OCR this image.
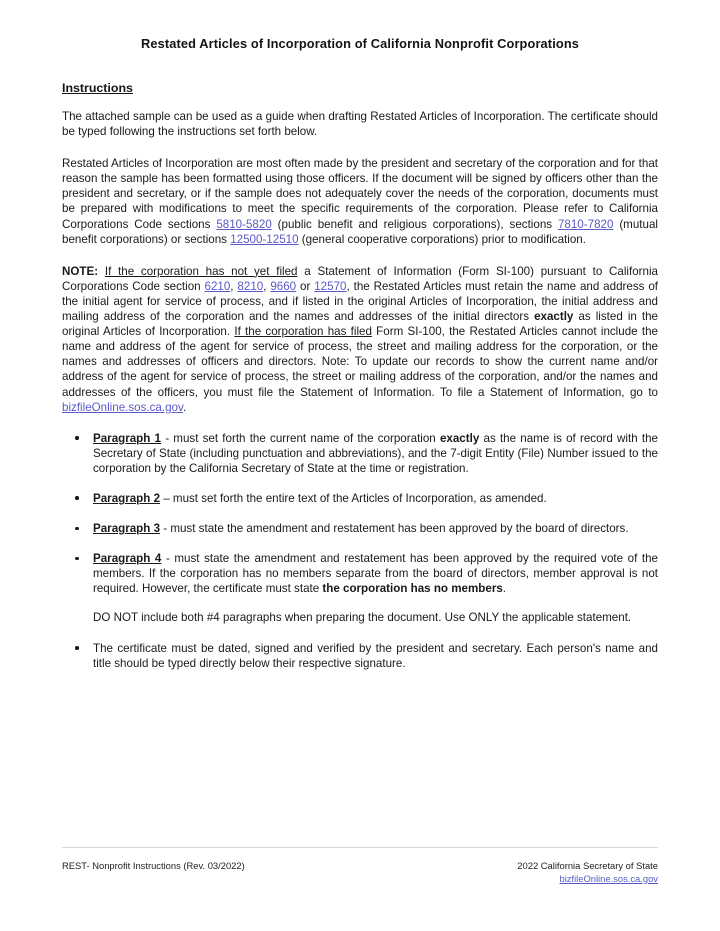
Restated Articles of Incorporation of California Nonprofit Corporations
Instructions

The attached sample can be used as a guide when drafting Restated Articles of Incorporation. The certificate should be typed following the instructions set forth below.

Restated Articles of Incorporation are most often made by the president and secretary of the corporation and for that reason the sample has been formatted using those officers. If the document will be signed by officers other than the president and secretary, or if the sample does not adequately cover the needs of the corporation, documents must be prepared with modifications to meet the specific requirements of the corporation. Please refer to California Corporations Code sections 5810-5820 (public benefit and religious corporations), sections 7810-7820 (mutual benefit corporations) or sections 12500-12510 (general cooperative corporations) prior to modification.

NOTE: If the corporation has not yet filed a Statement of Information (Form SI-100) pursuant to California Corporations Code section 6210, 8210, 9660 or 12570, the Restated Articles must retain the name and address of the initial agent for service of process, and if listed in the original Articles of Incorporation, the initial address and mailing address of the corporation and the names and addresses of the initial directors exactly as listed in the original Articles of Incorporation. If the corporation has filed Form SI-100, the Restated Articles cannot include the name and address of the agent for service of process, the street and mailing address for the corporation, or the names and addresses of officers and directors. Note: To update our records to show the current name and/or address of the agent for service of process, the street or mailing address of the corporation, and/or the names and addresses of the officers, you must file the Statement of Information. To file a Statement of Information, go to bizfileOnline.sos.ca.gov.

Paragraph 1 - must set forth the current name of the corporation exactly as the name is of record with the Secretary of State (including punctuation and abbreviations), and the 7-digit Entity (File) Number issued to the corporation by the California Secretary of State at the time or registration.
Paragraph 2 – must set forth the entire text of the Articles of Incorporation, as amended.
Paragraph 3 - must state the amendment and restatement has been approved by the board of directors.
Paragraph 4 - must state the amendment and restatement has been approved by the required vote of the members. If the corporation has no members separate from the board of directors, member approval is not required. However, the certificate must state the corporation has no members.
DO NOT include both #4 paragraphs when preparing the document. Use ONLY the applicable statement.
The certificate must be dated, signed and verified by the president and secretary. Each person's name and title should be typed directly below their respective signature.
REST- Nonprofit Instructions (Rev. 03/2022)	2022 California Secretary of State
bizfileOnline.sos.ca.gov
